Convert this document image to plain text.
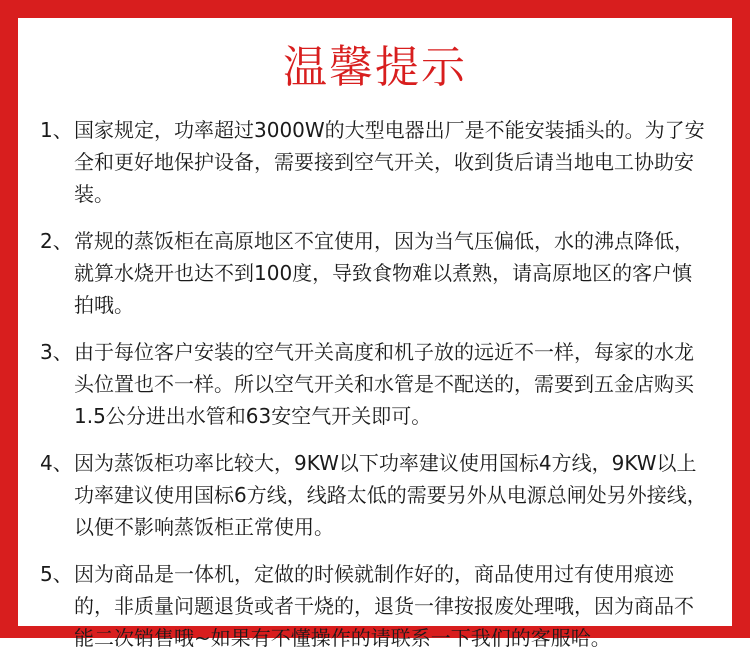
温馨提示
1、 国家规定，功率超过3000W的大型电器出厂是不能安装插头的。为了安全和更好地保护设备，需要接到空气开关，收到货后请当地电工协助安装。
2、 常规的蒸饭柜在高原地区不宜使用，因为当气压偏低，水的沸点降低，就算水烧开也达不到100度，导致食物难以煮熟，请高原地区的客户慎拍哦。
3、 由于每位客户安装的空气开关高度和机子放的远近不一样，每家的水龙头位置也不一样。所以空气开关和水管是不配送的，需要到五金店购买1.5公分进出水管和63安空气开关即可。
4、 因为蒸饭柜功率比较大，9KW以下功率建议使用国标4方线，9KW以上功率建议使用国标6方线，线路太低的需要另外从电源总闸处另外接线，以便不影响蒸饭柜正常使用。
5、 因为商品是一体机，定做的时候就制作好的，商品使用过有使用痕迹的，非质量问题退货或者干烧的，退货一律按报废处理哦，因为商品不能二次销售哦~如果有不懂操作的请联系一下我们的客服哈。
